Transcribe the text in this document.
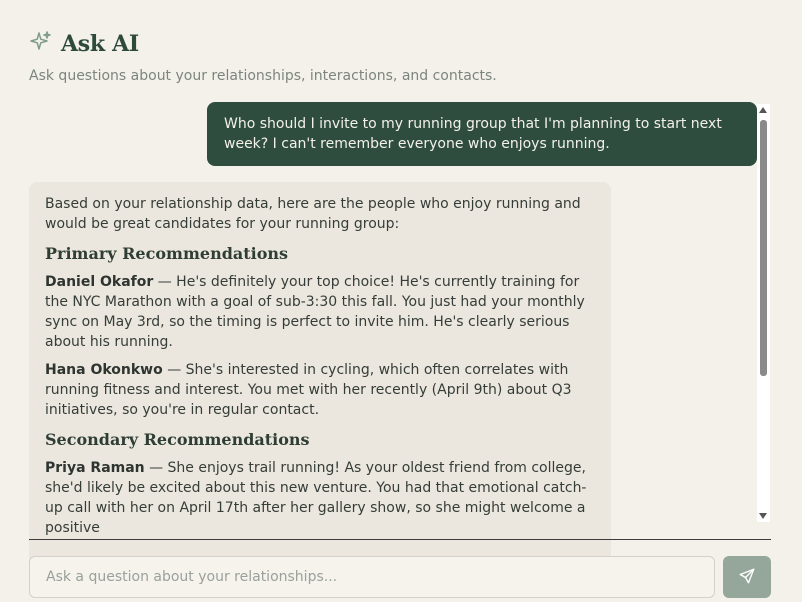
Ask AI
Ask questions about your relationships, interactions, and contacts.
Who should I invite to my running group that I'm planning to start next week? I can't remember everyone who enjoys running.

Based on your relationship data, here are the people who enjoy running and would be great candidates for your running group:

Primary Recommendations

Daniel Okafor — He's definitely your top choice! He's currently training for the NYC Marathon with a goal of sub-3:30 this fall. You just had your monthly sync on May 3rd, so the timing is perfect to invite him. He's clearly serious about his running.

Hana Okonkwo — She's interested in cycling, which often correlates with running fitness and interest. You met with her recently (April 9th) about Q3 initiatives, so you're in regular contact.

Secondary Recommendations

Priya Raman — She enjoys trail running! As your oldest friend from college, she'd likely be excited about this new venture. You had that emotional catch-up call with her on April 17th after her gallery show, so she might welcome a positive

Ask a question about your relationships...
